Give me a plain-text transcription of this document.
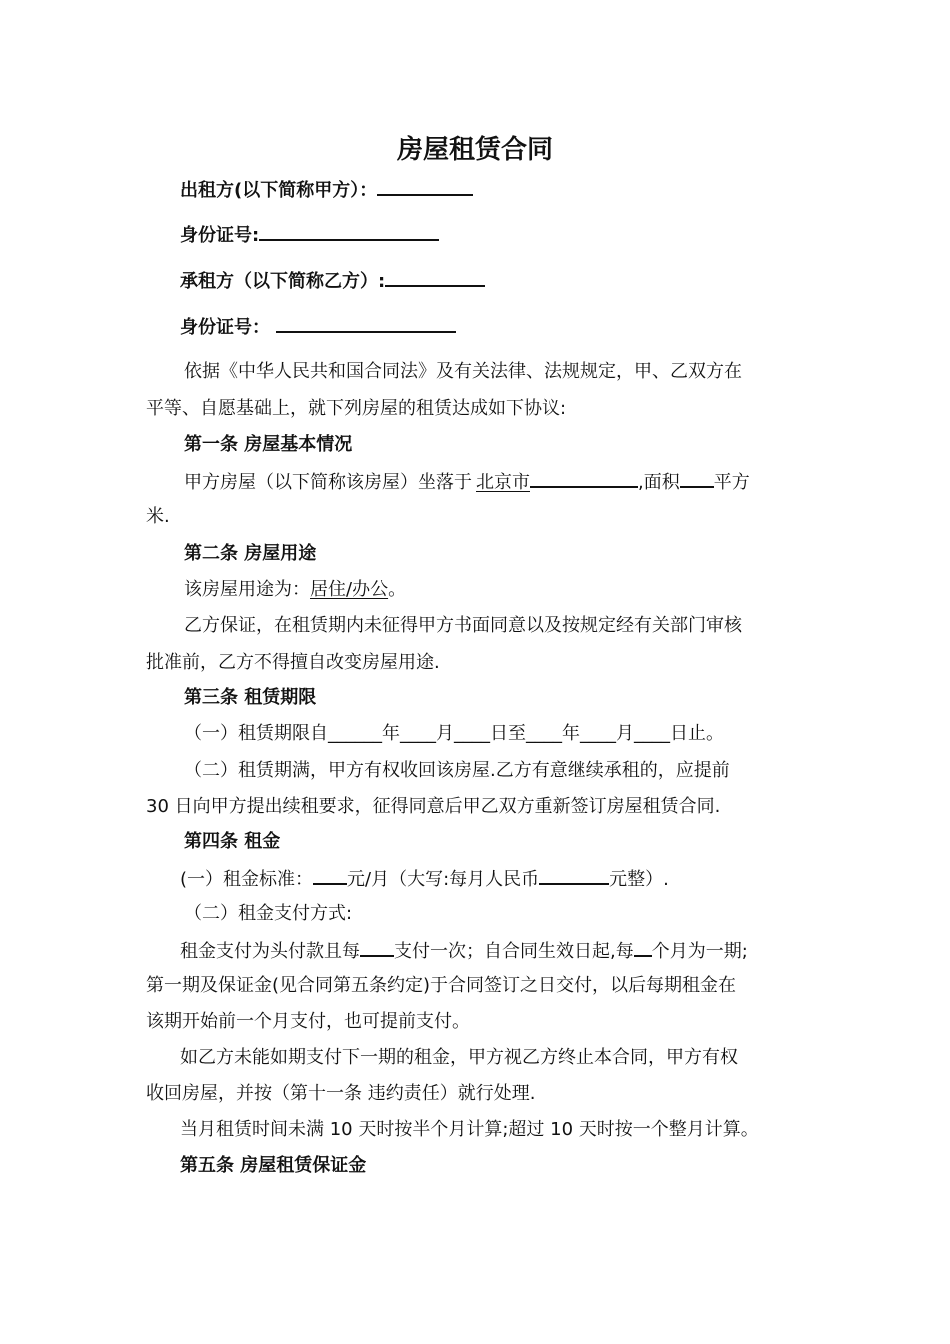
房屋租赁合同
出租方(以下简称甲方）：
身份证号:
承租方（以下简称乙方）:
身份证号：
依据《中华人民共和国合同法》及有关法律、法规规定，甲、乙双方在
平等、自愿基础上，就下列房屋的租赁达成如下协议:
第一条 房屋基本情况
甲方房屋（以下简称该房屋）坐落于 北京市	,面积 平方
米.
第二条 房屋用途
该房屋用途为：居住/办公。
乙方保证，在租赁期内未征得甲方书面同意以及按规定经有关部门审核
批准前，乙方不得擅自改变房屋用途.
第三条 租赁期限
（一）租赁期限自______年____月____日至____年____月____日止。
（二）租赁期满，甲方有权收回该房屋.乙方有意继续承租的，应提前
30 日向甲方提出续租要求，征得同意后甲乙双方重新签订房屋租赁合同.
第四条 租金
(一）租金标准： 元/月（大写:每月人民币	元整）.
（二）租金支付方式:
租金支付为头付款且每 支付一次；自合同生效日起,每 个月为一期;
第一期及保证金(见合同第五条约定)于合同签订之日交付，以后每期租金在
该期开始前一个月支付，也可提前支付。
如乙方未能如期支付下一期的租金，甲方视乙方终止本合同，甲方有权
收回房屋，并按（第十一条 违约责任）就行处理.
当月租赁时间未满 10 天时按半个月计算;超过 10 天时按一个整月计算。
第五条 房屋租赁保证金
